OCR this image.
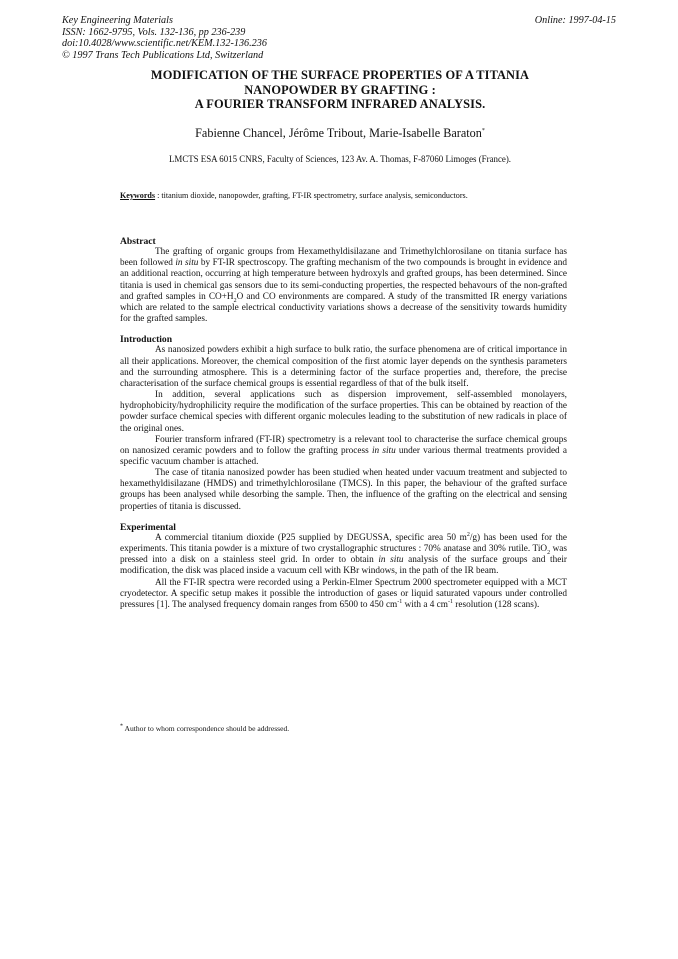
Key Engineering Materials
ISSN: 1662-9795, Vols. 132-136, pp 236-239
doi:10.4028/www.scientific.net/KEM.132-136.236
© 1997 Trans Tech Publications Ltd, Switzerland
Online: 1997-04-15
MODIFICATION OF THE SURFACE PROPERTIES OF A TITANIA
NANOPOWDER BY GRAFTING :
A FOURIER TRANSFORM INFRARED ANALYSIS.
Fabienne Chancel, Jérôme Tribout, Marie-Isabelle Baraton*
LMCTS ESA 6015 CNRS, Faculty of Sciences, 123 Av. A. Thomas, F-87060 Limoges (France).
Keywords : titanium dioxide, nanopowder, grafting, FT-IR spectrometry, surface analysis, semiconductors.
Abstract

The grafting of organic groups from Hexamethyldisilazane and Trimethylchlorosilane on titania surface has been followed in situ by FT-IR spectroscopy. The grafting mechanism of the two compounds is brought in evidence and an additional reaction, occurring at high temperature between hydroxyls and grafted groups, has been determined. Since titania is used in chemical gas sensors due to its semi-conducting properties, the respected behavours of the non-grafted and grafted samples in $CO+H_2O$ and CO environments are compared. A study of the transmitted IR energy variations which are related to the sample electrical conductivity variations shows a decrease of the sensitivity towards humidity for the grafted samples.

Introduction

As nanosized powders exhibit a high surface to bulk ratio, the surface phenomena are of critical importance in all their applications. Moreover, the chemical composition of the first atomic layer depends on the synthesis parameters and the surrounding atmosphere. This is a determining factor of the surface properties and, therefore, the precise characterisation of the surface chemical groups is essential regardless of that of the bulk itself.

In addition, several applications such as dispersion improvement, self-assembled monolayers, hydrophobicity/hydrophilicity require the modification of the surface properties. This can be obtained by reaction of the powder surface chemical species with different organic molecules leading to the substitution of new radicals in place of the original ones.

Fourier transform infrared (FT-IR) spectrometry is a relevant tool to characterise the surface chemical groups on nanosized ceramic powders and to follow the grafting process in situ under various thermal treatments provided a specific vacuum chamber is attached.

The case of titania nanosized powder has been studied when heated under vacuum treatment and subjected to hexamethyldisilazane (HMDS) and trimethylchlorosilane (TMCS). In this paper, the behaviour of the grafted surface groups has been analysed while desorbing the sample. Then, the influence of the grafting on the electrical and sensing properties of titania is discussed.

Experimental

A commercial titanium dioxide (P25 supplied by DEGUSSA, specific area 50 $m^2/g$) has been used for the experiments. This titania powder is a mixture of two crystallographic structures : 70% anatase and 30% rutile. TiO$_2$ was pressed into a disk on a stainless steel grid. In order to obtain in situ analysis of the surface groups and their modification, the disk was placed inside a vacuum cell with KBr windows, in the path of the IR beam.

All the FT-IR spectra were recorded using a Perkin-Elmer Spectrum 2000 spectrometer equipped with a MCT cryodetector. A specific setup makes it possible the introduction of gases or liquid saturated vapours under controlled pressures [1]. The analysed frequency domain ranges from 6500 to 450 $cm^{-1}$ with a 4 $cm^{-1}$ resolution (128 scans).

* Author to whom correspondence should be addressed.
